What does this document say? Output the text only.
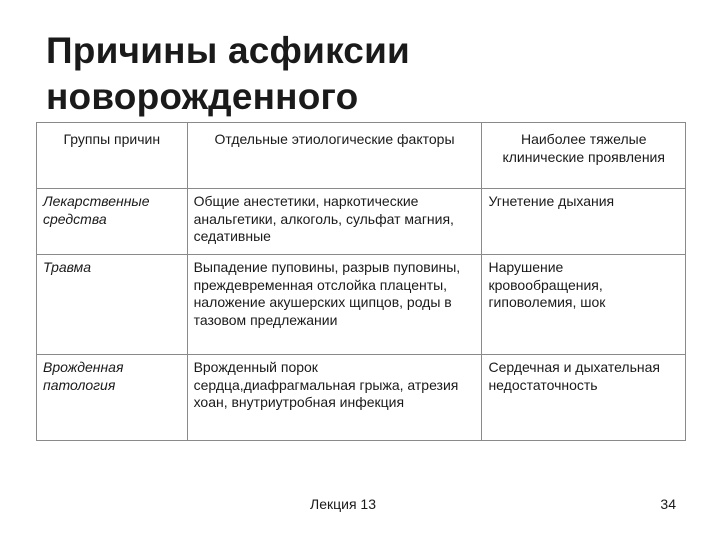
Причины асфиксии новорожденного
Группы причин	Отдельные этиологические факторы	Наиболее тяжелые клинические проявления
Лекарственные средства	Общие анестетики, наркотические анальгетики, алкоголь, сульфат магния, седативные	Угнетение дыхания
Травма	Выпадение пуповины, разрыв пуповины, преждевременная отслойка плаценты, наложение акушерских щипцов, роды в тазовом предлежании	Нарушение кровообращения, гиповолемия, шок
Врожденная патология	Врожденный порок сердца,диафрагмальная грыжа, атрезия хоан, внутриутробная инфекция	Сердечная и дыхательная недостаточность
Лекция 13	34
